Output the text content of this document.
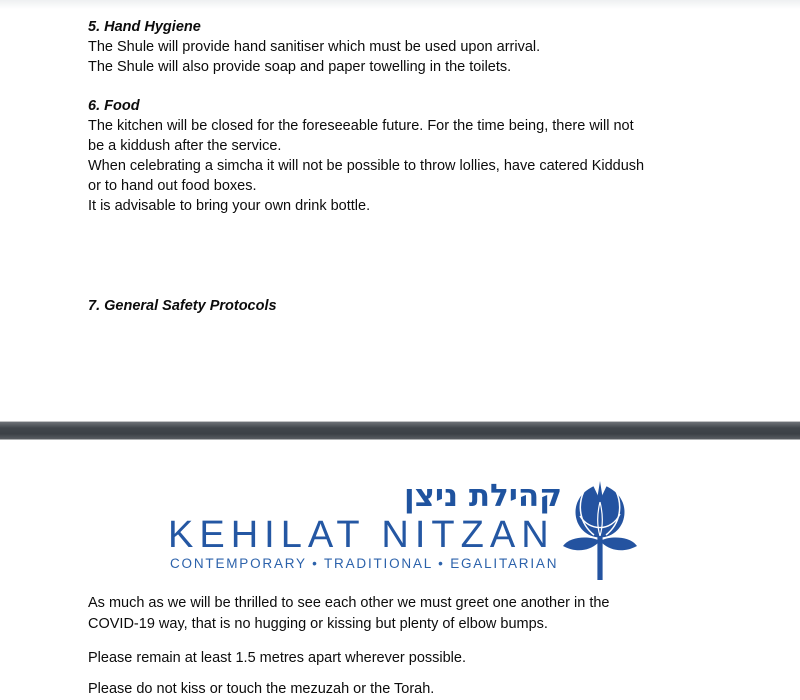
5. Hand Hygiene
The Shule will provide hand sanitiser which must be used upon arrival.
The Shule will also provide soap and paper towelling in the toilets.
6. Food
The kitchen will be closed for the foreseeable future. For the time being, there will not
be a kiddush after the service.
When celebrating a simcha it will not be possible to throw lollies, have catered Kiddush
or to hand out food boxes.
It is advisable to bring your own drink bottle.
7. General Safety Protocols
קהילת ניצן
KEHILAT NITZAN
CONTEMPORARY • TRADITIONAL • EGALITARIAN
As much as we will be thrilled to see each other we must greet one another in the
COVID-19 way, that is no hugging or kissing but plenty of elbow bumps.
Please remain at least 1.5 metres apart wherever possible.
Please do not kiss or touch the mezuzah or the Torah.
